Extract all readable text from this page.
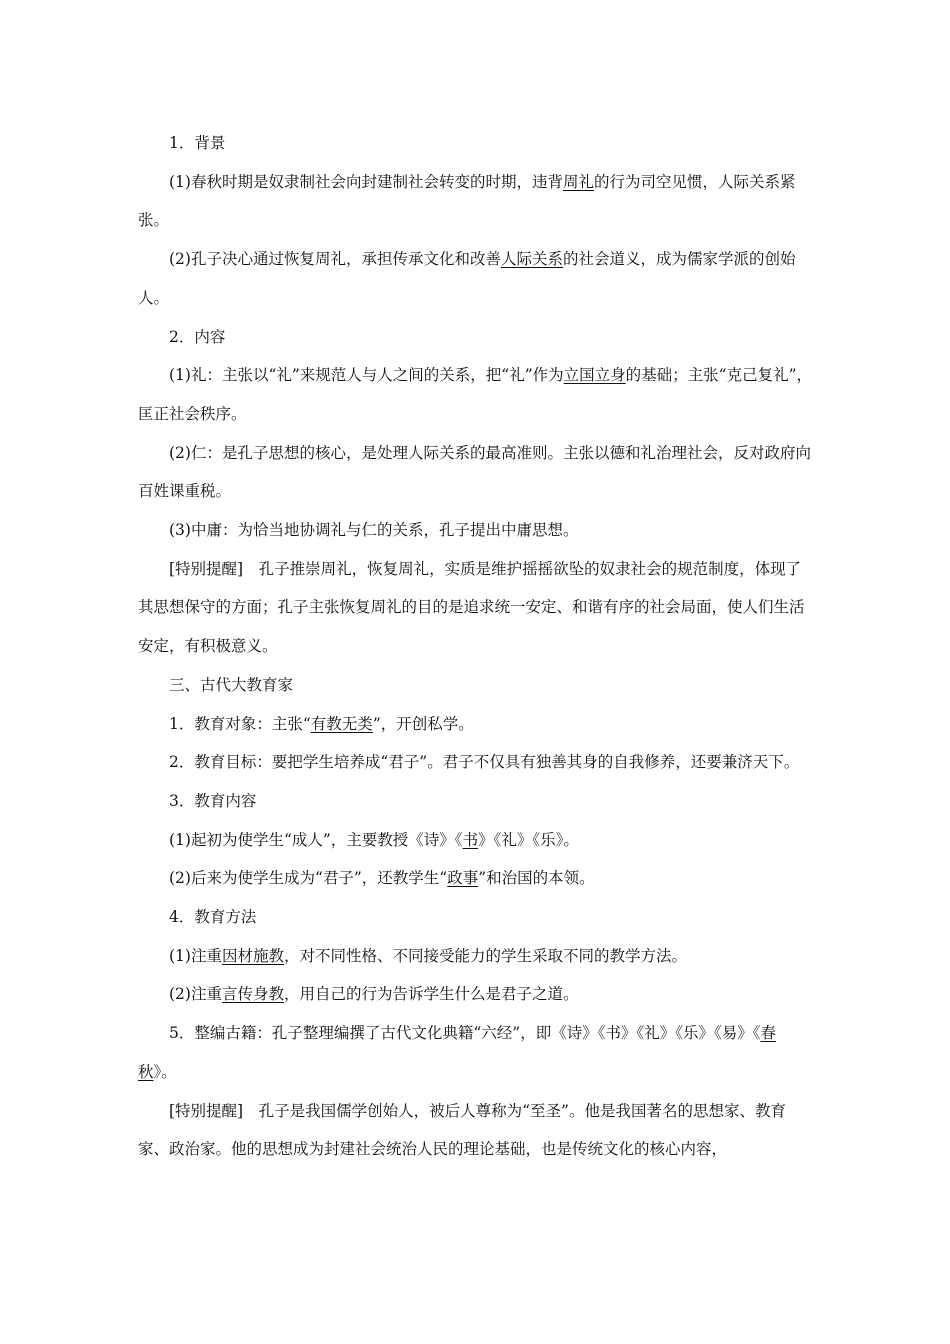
1．背景

(1)春秋时期是奴隶制社会向封建制社会转变的时期，违背周礼的行为司空见惯，人际关系紧张。

(2)孔子决心通过恢复周礼，承担传承文化和改善人际关系的社会道义，成为儒家学派的创始人。

2．内容

(1)礼：主张以“礼”来规范人与人之间的关系，把“礼”作为立国立身的基础；主张“克己复礼”，匡正社会秩序。

(2)仁：是孔子思想的核心，是处理人际关系的最高准则。主张以德和礼治理社会，反对政府向百姓课重税。

(3)中庸：为恰当地协调礼与仁的关系，孔子提出中庸思想。

[特别提醒]　孔子推崇周礼，恢复周礼，实质是维护摇摇欲坠的奴隶社会的规范制度，体现了其思想保守的方面；孔子主张恢复周礼的目的是追求统一安定、和谐有序的社会局面，使人们生活安定，有积极意义。

三、古代大教育家

1．教育对象：主张“有教无类”，开创私学。

2．教育目标：要把学生培养成“君子”。君子不仅具有独善其身的自我修养，还要兼济天下。

3．教育内容

(1)起初为使学生“成人”，主要教授《诗》《书》《礼》《乐》。

(2)后来为使学生成为“君子”，还教学生“政事”和治国的本领。

4．教育方法

(1)注重因材施教，对不同性格、不同接受能力的学生采取不同的教学方法。

(2)注重言传身教，用自己的行为告诉学生什么是君子之道。

5．整编古籍：孔子整理编撰了古代文化典籍“六经”，即《诗》《书》《礼》《乐》《易》《春秋》。

[特别提醒]　孔子是我国儒学创始人，被后人尊称为“至圣”。他是我国著名的思想家、教育家、政治家。他的思想成为封建社会统治人民的理论基础，也是传统文化的核心内容，
